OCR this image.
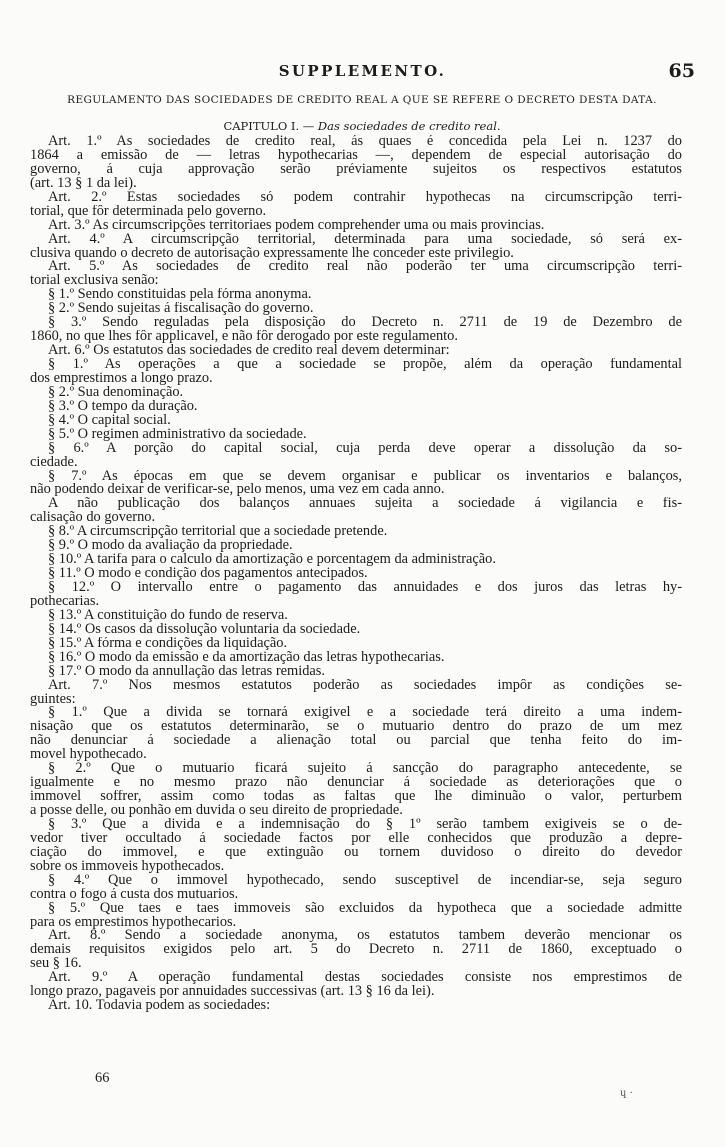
SUPPLEMENTO.	65
REGULAMENTO DAS SOCIEDADES DE CREDITO REAL A QUE SE REFERE O DECRETO DESTA DATA.
CAPITULO I. — Das sociedades de credito real.
Art. 1.º As sociedades de credito real, ás quaes é concedida pela Lei n. 1237 do
1864 a emissão de — letras hypothecarias —, dependem de especial autorisação do
governo, á cuja approvação serão préviamente sujeitos os respectivos estatutos
(art. 13 § 1 da lei).
Art. 2.º Estas sociedades só podem contrahir hypothecas na circumscripção terri-
torial, que fôr determinada pelo governo.
Art. 3.º As circumscripções territoriaes podem comprehender uma ou mais provincias.
Art. 4.º A circumscripção territorial, determinada para uma sociedade, só será ex-
clusiva quando o decreto de autorisação expressamente lhe conceder este privilegio.
Art. 5.º As sociedades de credito real não poderão ter uma circumscripção terri-
torial exclusiva senão:
§ 1.º Sendo constituidas pela fórma anonyma.
§ 2.º Sendo sujeitas á fiscalisação do governo.
§ 3.º Sendo reguladas pela disposição do Decreto n. 2711 de 19 de Dezembro de
1860, no que lhes fôr applicavel, e não fôr derogado por este regulamento.
Art. 6.º Os estatutos das sociedades de credito real devem determinar:
§ 1.º As operações a que a sociedade se propõe, além da operação fundamental
dos emprestimos a longo prazo.
§ 2.º Sua denominação.
§ 3.º O tempo da duração.
§ 4.º O capital social.
§ 5.º O regimen administrativo da sociedade.
§ 6.º A porção do capital social, cuja perda deve operar a dissolução da so-
ciedade.
§ 7.º As épocas em que se devem organisar e publicar os inventarios e balanços,
não podendo deixar de verificar-se, pelo menos, uma vez em cada anno.
A não publicação dos balanços annuaes sujeita a sociedade á vigilancia e fis-
calisação do governo.
§ 8.º A circumscripção territorial que a sociedade pretende.
§ 9.º O modo da avaliação da propriedade.
§ 10.º A tarifa para o calculo da amortização e porcentagem da administração.
§ 11.º O modo e condição dos pagamentos antecipados.
§ 12.º O intervallo entre o pagamento das annuidades e dos juros das letras hy-
pothecarias.
§ 13.º A constituição do fundo de reserva.
§ 14.º Os casos da dissolução voluntaria da sociedade.
§ 15.º A fórma e condições da liquidação.
§ 16.º O modo da emissão e da amortização das letras hypothecarias.
§ 17.º O modo da annullação das letras remidas.
Art. 7.º Nos mesmos estatutos poderão as sociedades impôr as condições se-
guintes:
§ 1.º Que a divida se tornará exigivel e a sociedade terá direito a uma indem-
nisação que os estatutos determinarão, se o mutuario dentro do prazo de um mez
não denunciar á sociedade a alienação total ou parcial que tenha feito do im-
movel hypothecado.
§ 2.º Que o mutuario ficará sujeito á sancção do paragrapho antecedente, se
igualmente e no mesmo prazo não denunciar á sociedade as deteriorações que o
immovel soffrer, assim como todas as faltas que lhe diminuão o valor, perturbem
a posse delle, ou ponhão em duvida o seu direito de propriedade.
§ 3.º Que a divida e a indemnisação do § 1º serão tambem exigiveis se o de-
vedor tiver occultado á sociedade factos por elle conhecidos que produzão a depre-
ciação do immovel, e que extinguão ou tornem duvidoso o direito do devedor
sobre os immoveis hypothecados.
§ 4.º Que o immovel hypothecado, sendo susceptivel de incendiar-se, seja seguro
contra o fogo á custa dos mutuarios.
§ 5.º Que taes e taes immoveis são excluidos da hypotheca que a sociedade admitte
para os emprestimos hypothecarios.
Art. 8.º Sendo a sociedade anonyma, os estatutos tambem deverão mencionar os
demais requisitos exigidos pelo art. 5 do Decreto n. 2711 de 1860, exceptuado o
seu § 16.
Art. 9.º A operação fundamental destas sociedades consiste nos emprestimos de
longo prazo, pagaveis por annuidades successivas (art. 13 § 16 da lei).
Art. 10. Todavia podem as sociedades:
66
ɥ ·
